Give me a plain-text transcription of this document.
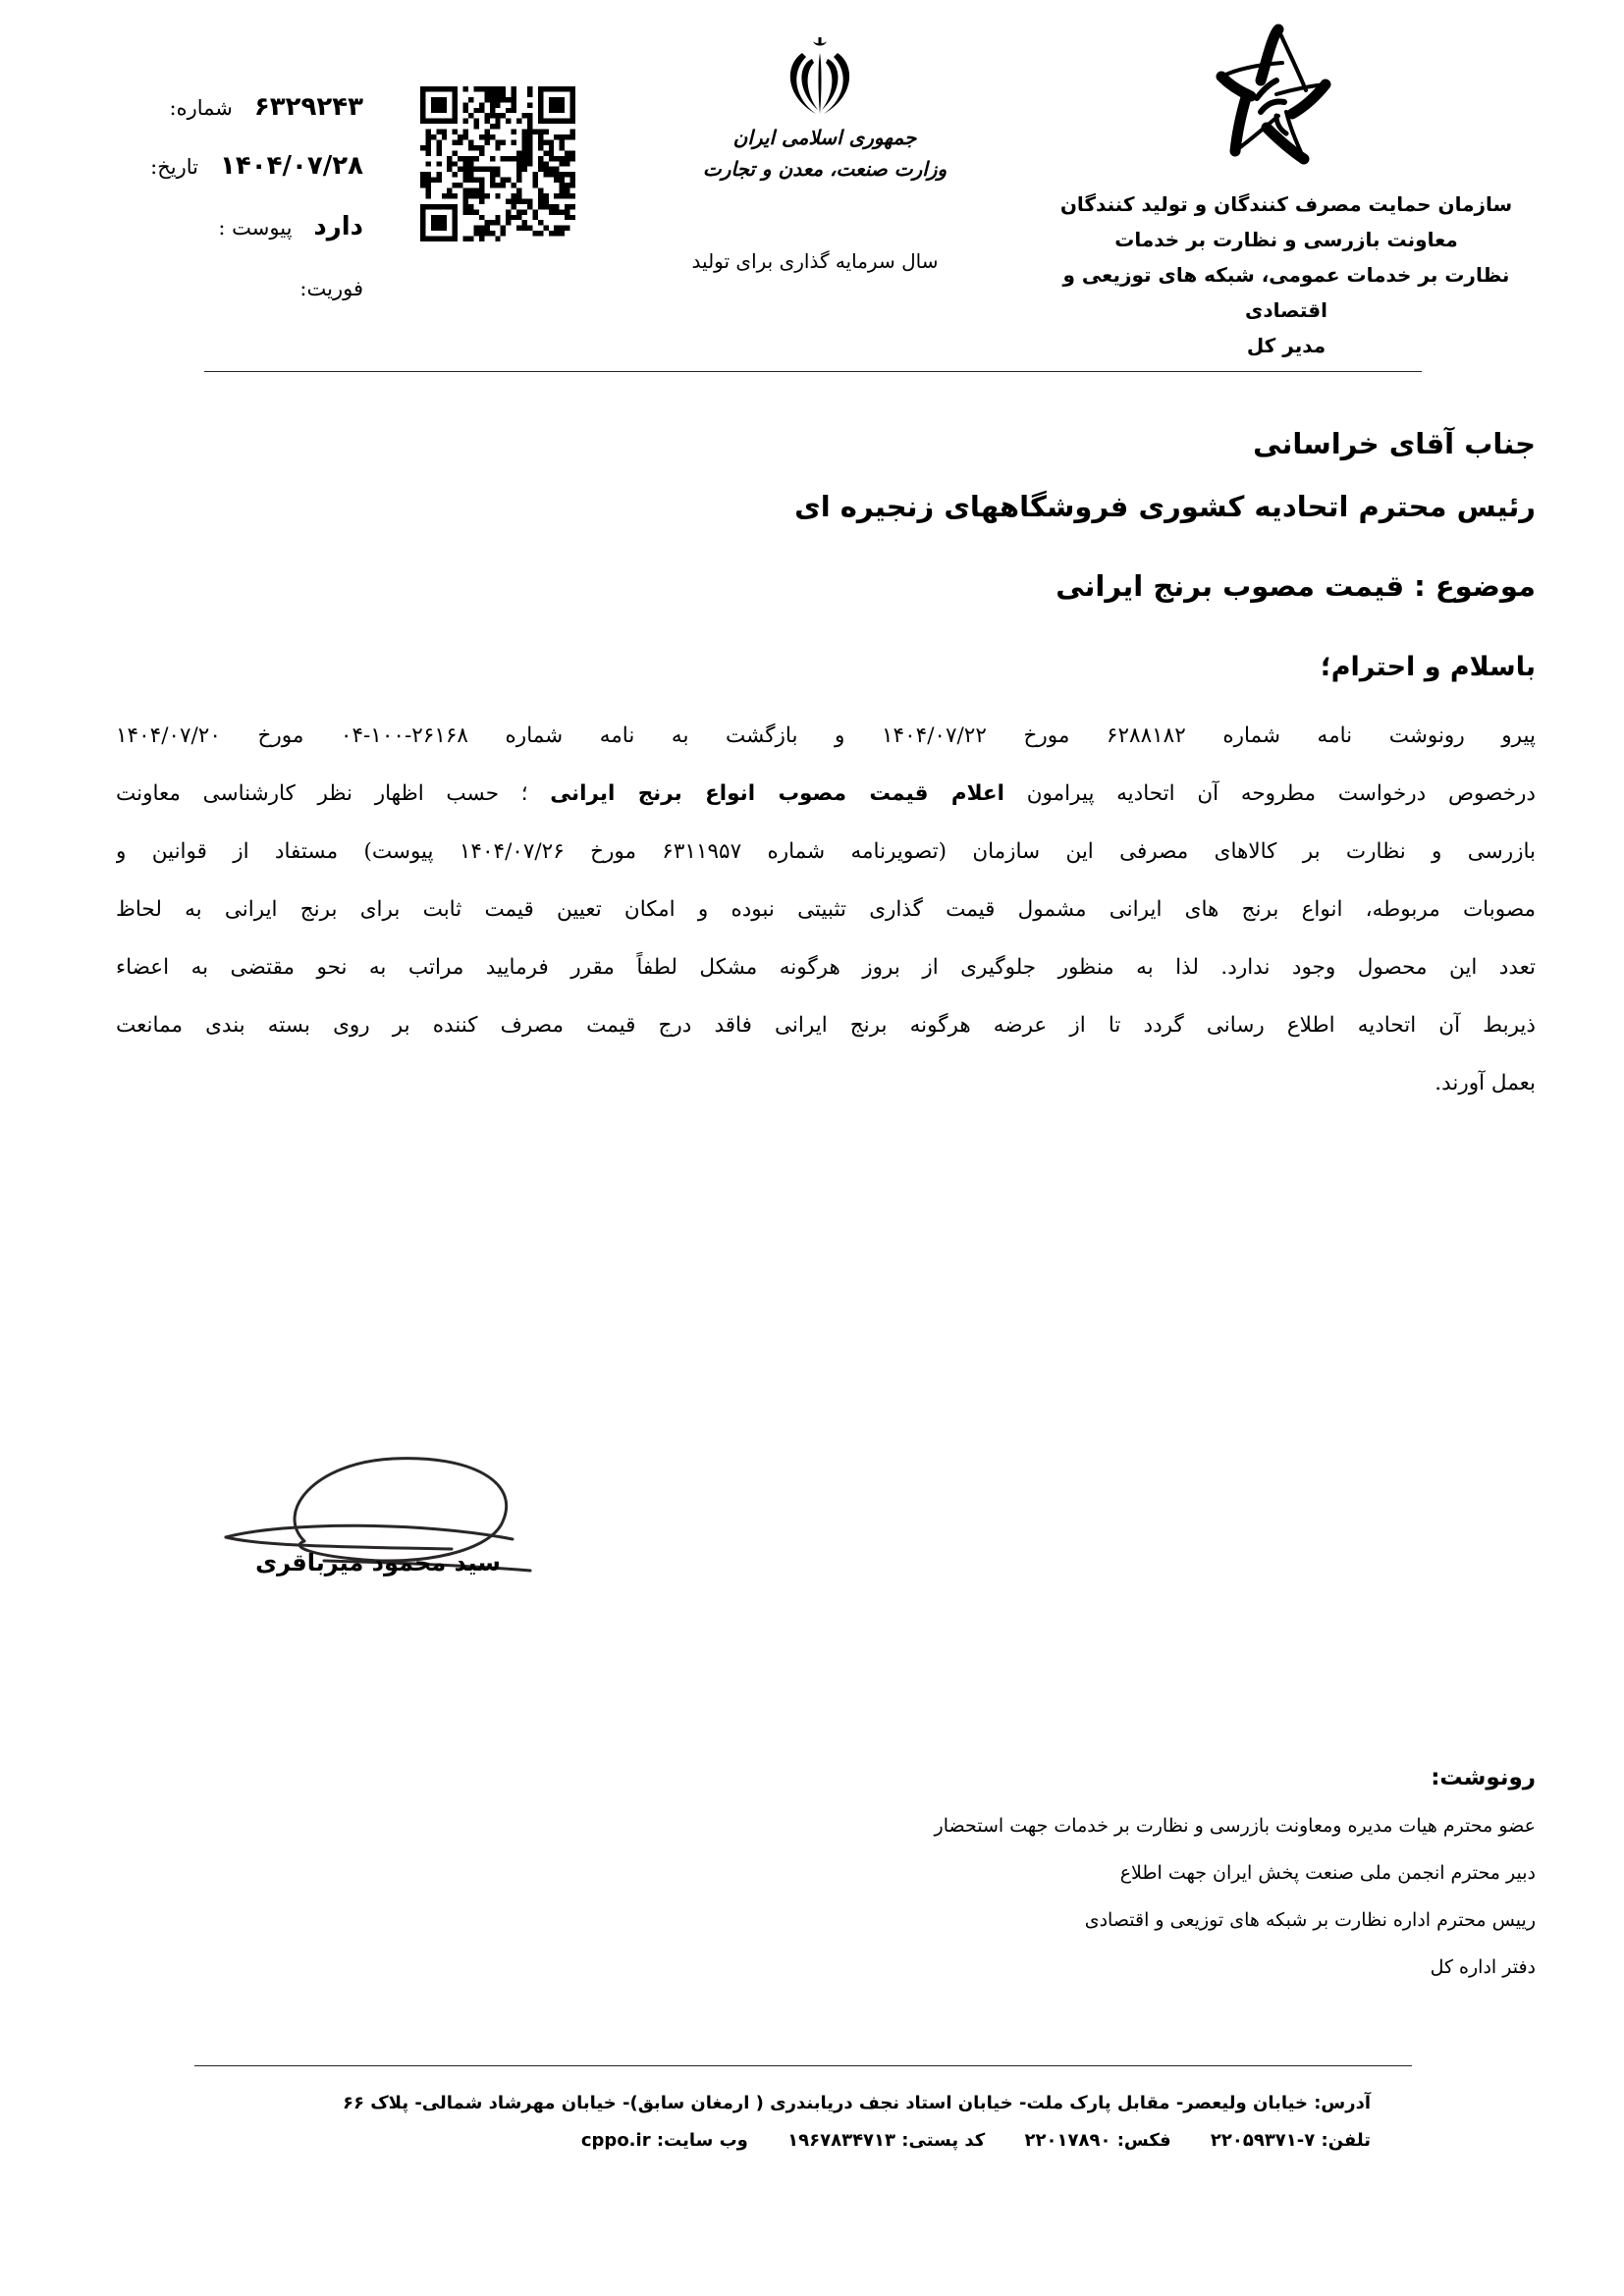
شماره: ۶۳۲۹۲۴۳
تاریخ: ۱۴۰۴/۰۷/۲۸
پیوست : دارد
فوریت:
جمهوری اسلامی ایران
وزارت صنعت، معدن و تجارت
سال سرمایه گذاری برای تولید
سازمان حمایت مصرف کنندگان و تولید کنندگان
معاونت بازرسی و نظارت بر خدمات
نظارت بر خدمات عمومی، شبکه های توزیعی و اقتصادی
مدیر کل
جناب آقای خراسانی
رئیس محترم اتحادیه کشوری فروشگاههای زنجیره ای
موضوع : قیمت مصوب برنج ایرانی
باسلام و احترام؛
پیرو رونوشت نامه شماره ۶۲۸۸۱۸۲ مورخ ۱۴۰۴/۰۷/۲۲ و بازگشت به نامه شماره ۲۶۱۶۸-۱۰۰-۰۴ مورخ ۱۴۰۴/۰۷/۲۰
درخصوص درخواست مطروحه آن اتحادیه پیرامون اعلام قیمت مصوب انواع برنج ایرانی ؛ حسب اظهار نظر کارشناسی معاونت
بازرسی و نظارت بر کالاهای مصرفی این سازمان (تصویرنامه شماره ۶۳۱۱۹۵۷ مورخ ۱۴۰۴/۰۷/۲۶ پیوست) مستفاد از قوانین و
مصوبات مربوطه، انواع برنج های ایرانی مشمول قیمت گذاری تثبیتی نبوده و امکان تعیین قیمت ثابت برای برنج ایرانی به لحاظ
تعدد این محصول وجود ندارد. لذا به منظور جلوگیری از بروز هرگونه مشکل لطفاً مقرر فرمایید مراتب به نحو مقتضی به اعضاء
ذیربط آن اتحادیه اطلاع رسانی گردد تا از عرضه هرگونه برنج ایرانی فاقد درج قیمت مصرف کننده بر روی بسته بندی ممانعت
بعمل آورند.
سید محمود میرباقری
رونوشت:
عضو محترم هیات مدیره ومعاونت بازرسی و نظارت بر خدمات جهت استحضار
دبیر محترم انجمن ملی صنعت پخش ایران جهت اطلاع
رییس محترم اداره نظارت بر شبکه های توزیعی و اقتصادی
دفتر اداره کل
آدرس: خیابان ولیعصر- مقابل پارک ملت- خیابان استاد نجف دریابندری ( ارمغان سابق)- خیابان مهرشاد شمالی- پلاک ۶۶
تلفن: ۷-۲۲۰۵۹۳۷۱ فکس: ۲۲۰۱۷۸۹۰ کد پستی: ۱۹۶۷۸۳۴۷۱۳ وب سایت: cppo.ir
